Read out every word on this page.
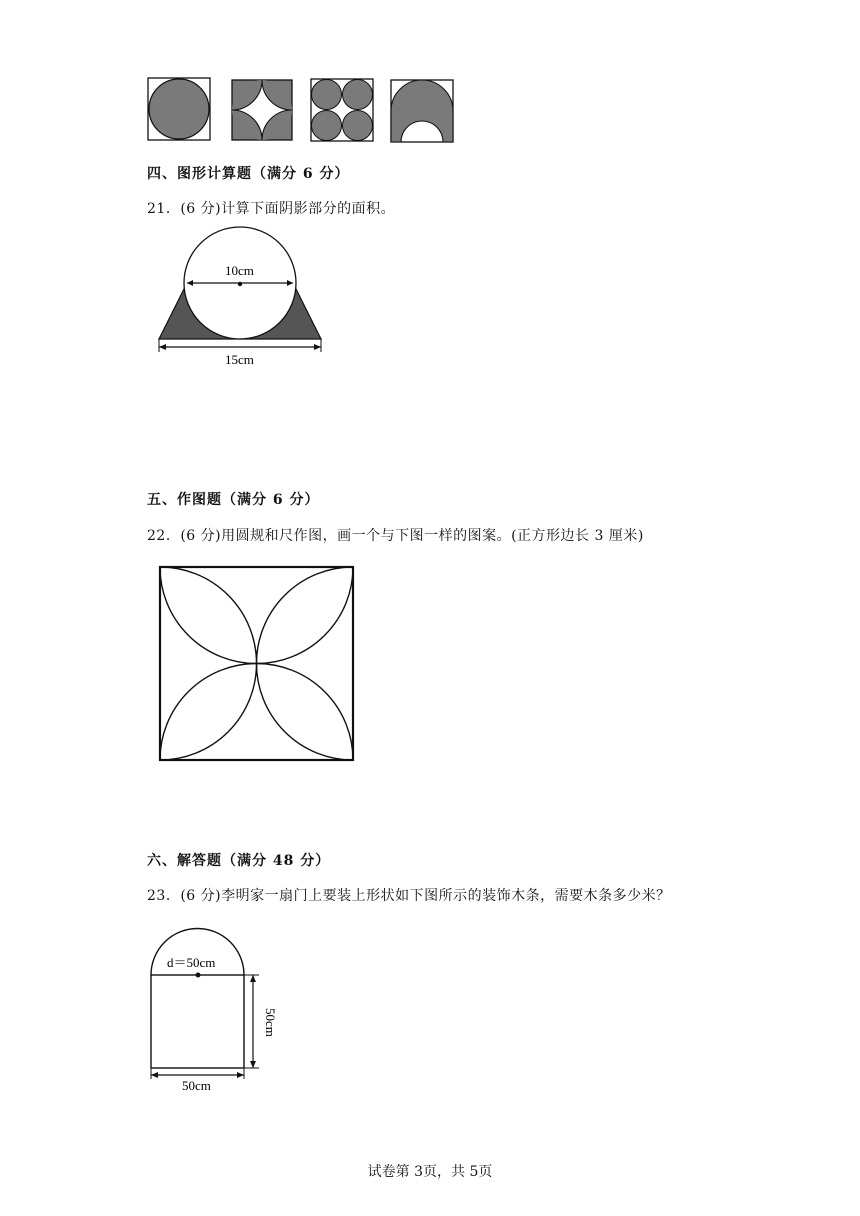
四、图形计算题（满分 6 分）
21．(6 分)计算下面阴影部分的面积。
10cm
15cm
五、作图题（满分 6 分）
22．(6 分)用圆规和尺作图，画一个与下图一样的图案。(正方形边长 3 厘米)
六、解答题（满分 48 分）
23．(6 分)李明家一扇门上要装上形状如下图所示的装饰木条，需要木条多少米？
d＝50cm
50cm
50cm
试卷第 3页，共 5页
